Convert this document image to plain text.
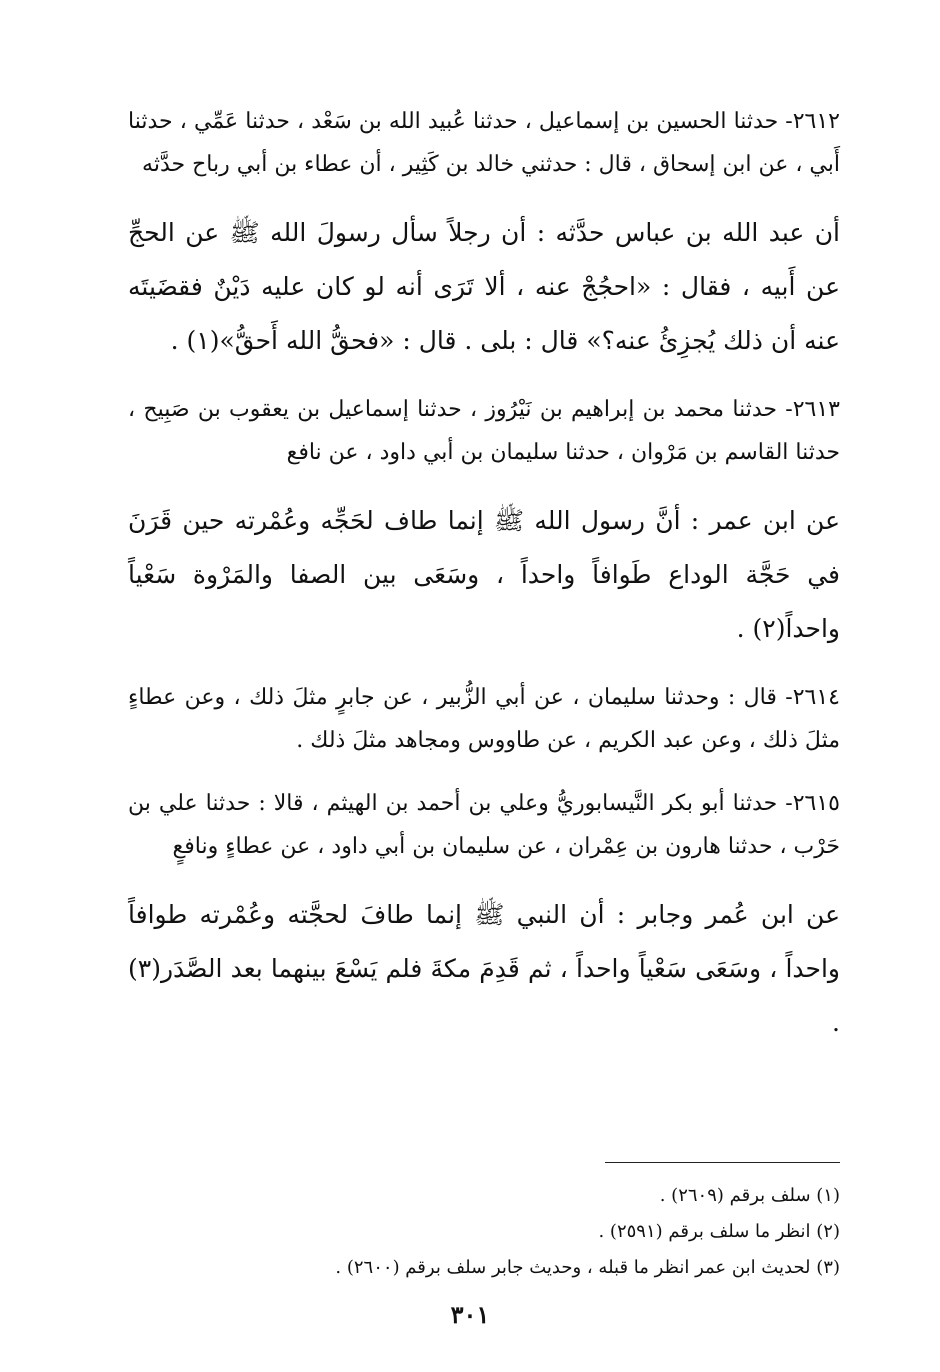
٢٦١٢- حدثنا الحسين بن إسماعيل ، حدثنا عُبيد الله بن سَعْد ، حدثنا عَمِّي ، حدثنا أَبي ، عن ابن إسحاق ، قال : حدثني خالد بن كَثِير ، أن عطاء بن أبي رباح حدَّثه

أن عبد الله بن عباس حدَّثه : أن رجلاً سأل رسولَ الله ﷺ عن الحجِّ عن أَبيه ، فقال : «احجُجْ عنه ، ألا تَرَى أنه لو كان عليه دَيْنٌ فقضَيتَه عنه أن ذلك يُجزِئُ عنه؟» قال : بلى . قال : «فحقُّ الله أَحقُّ»(١) .

٢٦١٣- حدثنا محمد بن إبراهيم بن نَيْرُوز ، حدثنا إسماعيل بن يعقوب بن صَبِيح ، حدثنا القاسم بن مَرْوان ، حدثنا سليمان بن أبي داود ، عن نافع

عن ابن عمر : أنَّ رسول الله ﷺ إنما طاف لحَجِّه وعُمْرته حين قَرَنَ في حَجَّة الوداع طَوافاً واحداً ، وسَعَى بين الصفا والمَرْوة سَعْياً واحداً(٢) .

٢٦١٤- قال : وحدثنا سليمان ، عن أبي الزُّبير ، عن جابرٍ مثلَ ذلك ، وعن عطاءٍ مثلَ ذلك ، وعن عبد الكريم ، عن طاووس ومجاهد مثلَ ذلك .

٢٦١٥- حدثنا أبو بكر النَّيسابوريُّ وعلي بن أحمد بن الهيثم ، قالا : حدثنا علي بن حَرْب ، حدثنا هارون بن عِمْران ، عن سليمان بن أبي داود ، عن عطاءٍ ونافعٍ

عن ابن عُمر وجابر : أن النبي ﷺ إنما طافَ لحجَّته وعُمْرته طوافاً واحداً ، وسَعَى سَعْياً واحداً ، ثم قَدِمَ مكةَ فلم يَسْعَ بينهما بعد الصَّدَر(٣) .

(١) سلف برقم (٢٦٠٩) .

(٢) انظر ما سلف برقم (٢٥٩١) .

(٣) لحديث ابن عمر انظر ما قبله ، وحديث جابر سلف برقم (٢٦٠٠) .

٣٠١
